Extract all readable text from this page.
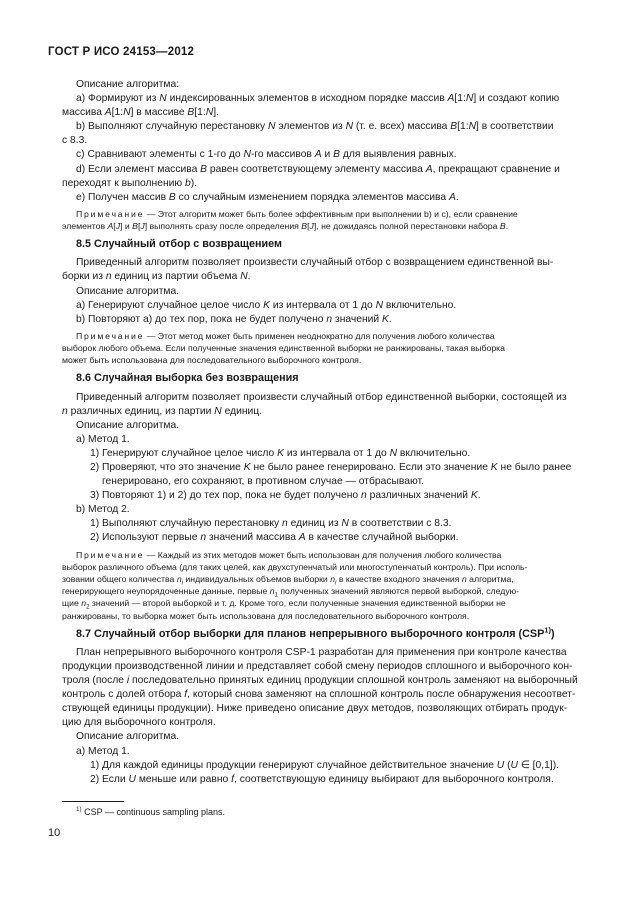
ГОСТ Р ИСО 24153—2012

Описание алгоритма:

а) Формируют из N индексированных элементов в исходном порядке массив A[1:N] и создают копию

массива A[1:N] в массиве B[1:N].

b) Выполняют случайную перестановку N элементов из N (т. е. всех) массива B[1:N] в соответствии

с 8.3.

c) Сравнивают элементы с 1-го до N-го массивов A и B для выявления равных.

d) Если элемент массива B равен соответствующему элементу массива A, прекращают сравнение и

переходят к выполнению b).

e) Получен массив B со случайным изменением порядка элементов массива A.

Примечание — Этот алгоритм может быть более эффективным при выполнении b) и c), если сравнение
элементов A[J] и B[J] выполнять сразу после определения B[J], не дожидаясь полной перестановки набора B.
8.5 Случайный отбор с возвращением

Приведенный алгоритм позволяет произвести случайный отбор с возвращением единственной вы-

борки из n единиц из партии объема N.

Описание алгоритма.

а) Генерируют случайное целое число K из интервала от 1 до N включительно.

b) Повторяют а) до тех пор, пока не будет получено n значений K.

Примечание — Этот метод может быть применен неоднократно для получения любого количества
выборок любого объема. Если полученные значения единственной выборки не ранжированы, такая выборка
может быть использована для последовательного выборочного контроля.
8.6 Случайная выборка без возвращения

Приведенный алгоритм позволяет произвести случайный отбор единственной выборки, состоящей из

n различных единиц, из партии N единиц.

Описание алгоритма.

а) Метод 1.

1) Генерируют случайное целое число K из интервала от 1 до N включительно.

2) Проверяют, что это значение K не было ранее генерировано. Если это значение K не было ранее

генерировано, его сохраняют, в противном случае — отбрасывают.

3) Повторяют 1) и 2) до тех пор, пока не будет получено n различных значений K.

b) Метод 2.

1) Выполняют случайную перестановку n единиц из N в соответствии с 8.3.

2) Используют первые n значений массива A в качестве случайной выборки.

Примечание — Каждый из этих методов может быть использован для получения любого количества
выборок различного объема (для таких целей, как двухступенчатый или многоступенчатый контроль). При исполь-
зовании общего количества $n_i$ индивидуальных объемов выборки $n_i$ в качестве входного значения n алгоритма,
генерирующего неупорядоченные данные, первые $n_1$ полученных значений являются первой выборкой, следую-
щие $n_2$ значений — второй выборкой и т. д. Кроме того, если полученные значения единственной выборки не
ранжированы, то выборка может быть использована для последовательного выборочного контроля.
8.7 Случайный отбор выборки для планов непрерывного выборочного контроля (CSP$^{1)}$)

План непрерывного выборочного контроля CSP-1 разработан для применения при контроле качества

продукции производственной линии и представляет собой смену периодов сплошного и выборочного кон-

троля (после i последовательно принятых единиц продукции сплошной контроль заменяют на выборочный

контроль с долей отбора f, который снова заменяют на сплошной контроль после обнаружения несоответ-

ствующей единицы продукции). Ниже приведено описание двух методов, позволяющих отбирать продук-

цию для выборочного контроля.

Описание алгоритма.

а) Метод 1.

1) Для каждой единицы продукции генерируют случайное действительное значение U (U ∈ [0,1]).

2) Если U меньше или равно f, соответствующую единицу выбирают для выборочного контроля.

$^{1)}$ CSP — continuous sampling plans.
10
